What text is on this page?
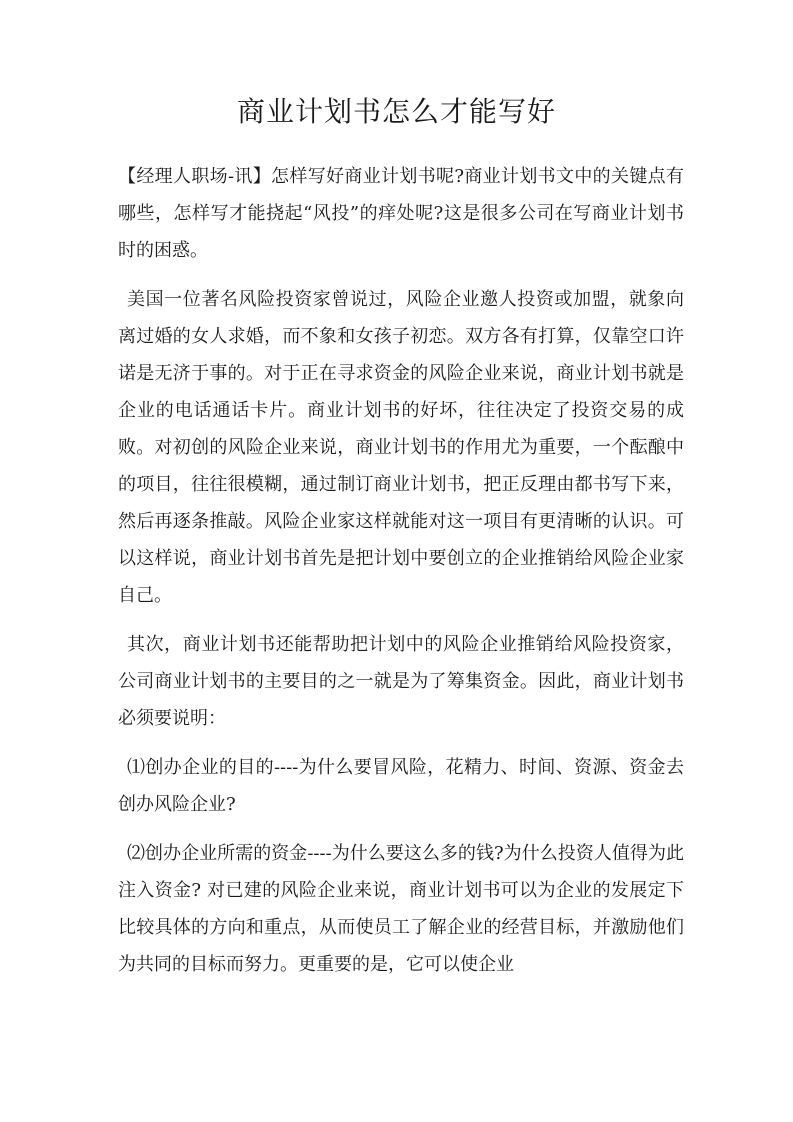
商业计划书怎么才能写好

【经理人职场-讯】怎样写好商业计划书呢?商业计划书文中的关键点有哪些，怎样写才能挠起“风投”的痒处呢?这是很多公司在写商业计划书时的困惑。

美国一位著名风险投资家曾说过，风险企业邀人投资或加盟，就象向离过婚的女人求婚，而不象和女孩子初恋。双方各有打算，仅靠空口许诺是无济于事的。对于正在寻求资金的风险企业来说，商业计划书就是企业的电话通话卡片。商业计划书的好坏，往往决定了投资交易的成败。对初创的风险企业来说，商业计划书的作用尤为重要，一个酝酿中的项目，往往很模糊，通过制订商业计划书，把正反理由都书写下来，然后再逐条推敲。风险企业家这样就能对这一项目有更清晰的认识。可以这样说，商业计划书首先是把计划中要创立的企业推销给风险企业家自己。

其次，商业计划书还能帮助把计划中的风险企业推销给风险投资家，公司商业计划书的主要目的之一就是为了筹集资金。因此，商业计划书必须要说明：

⑴创办企业的目的----为什么要冒风险，花精力、时间、资源、资金去创办风险企业?

⑵创办企业所需的资金----为什么要这么多的钱?为什么投资人值得为此注入资金? 对已建的风险企业来说，商业计划书可以为企业的发展定下比较具体的方向和重点，从而使员工了解企业的经营目标，并激励他们为共同的目标而努力。更重要的是，它可以使企业
